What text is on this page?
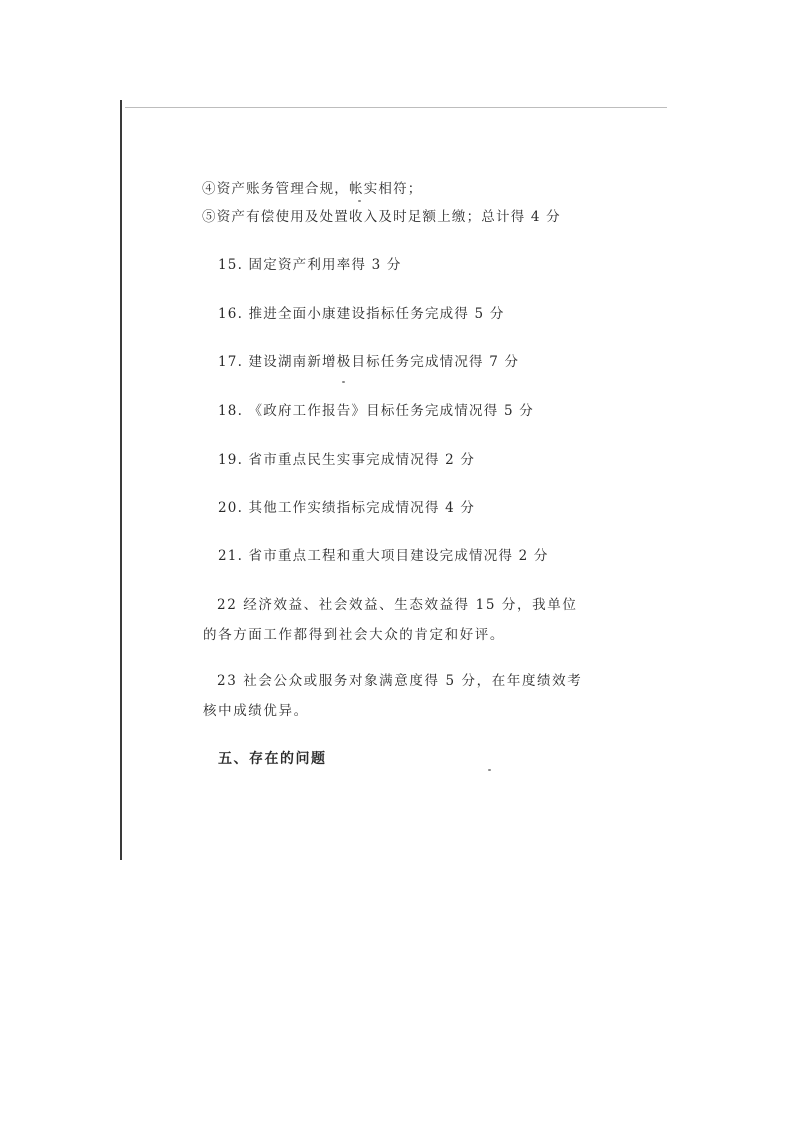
④资产账务管理合规，帐实相符；
⑤资产有偿使用及处置收入及时足额上缴；总计得 4 分
15. 固定资产利用率得 3 分
16. 推进全面小康建设指标任务完成得 5 分
17. 建设湖南新增极目标任务完成情况得 7 分
18. 《政府工作报告》目标任务完成情况得 5 分
19. 省市重点民生实事完成情况得 2 分
20. 其他工作实绩指标完成情况得 4 分
21. 省市重点工程和重大项目建设完成情况得 2 分
22 经济效益、社会效益、生态效益得 15 分，我单位的各方面工作都得到社会大众的肯定和好评。
23 社会公众或服务对象满意度得 5 分，在年度绩效考核中成绩优异。
五、存在的问题
